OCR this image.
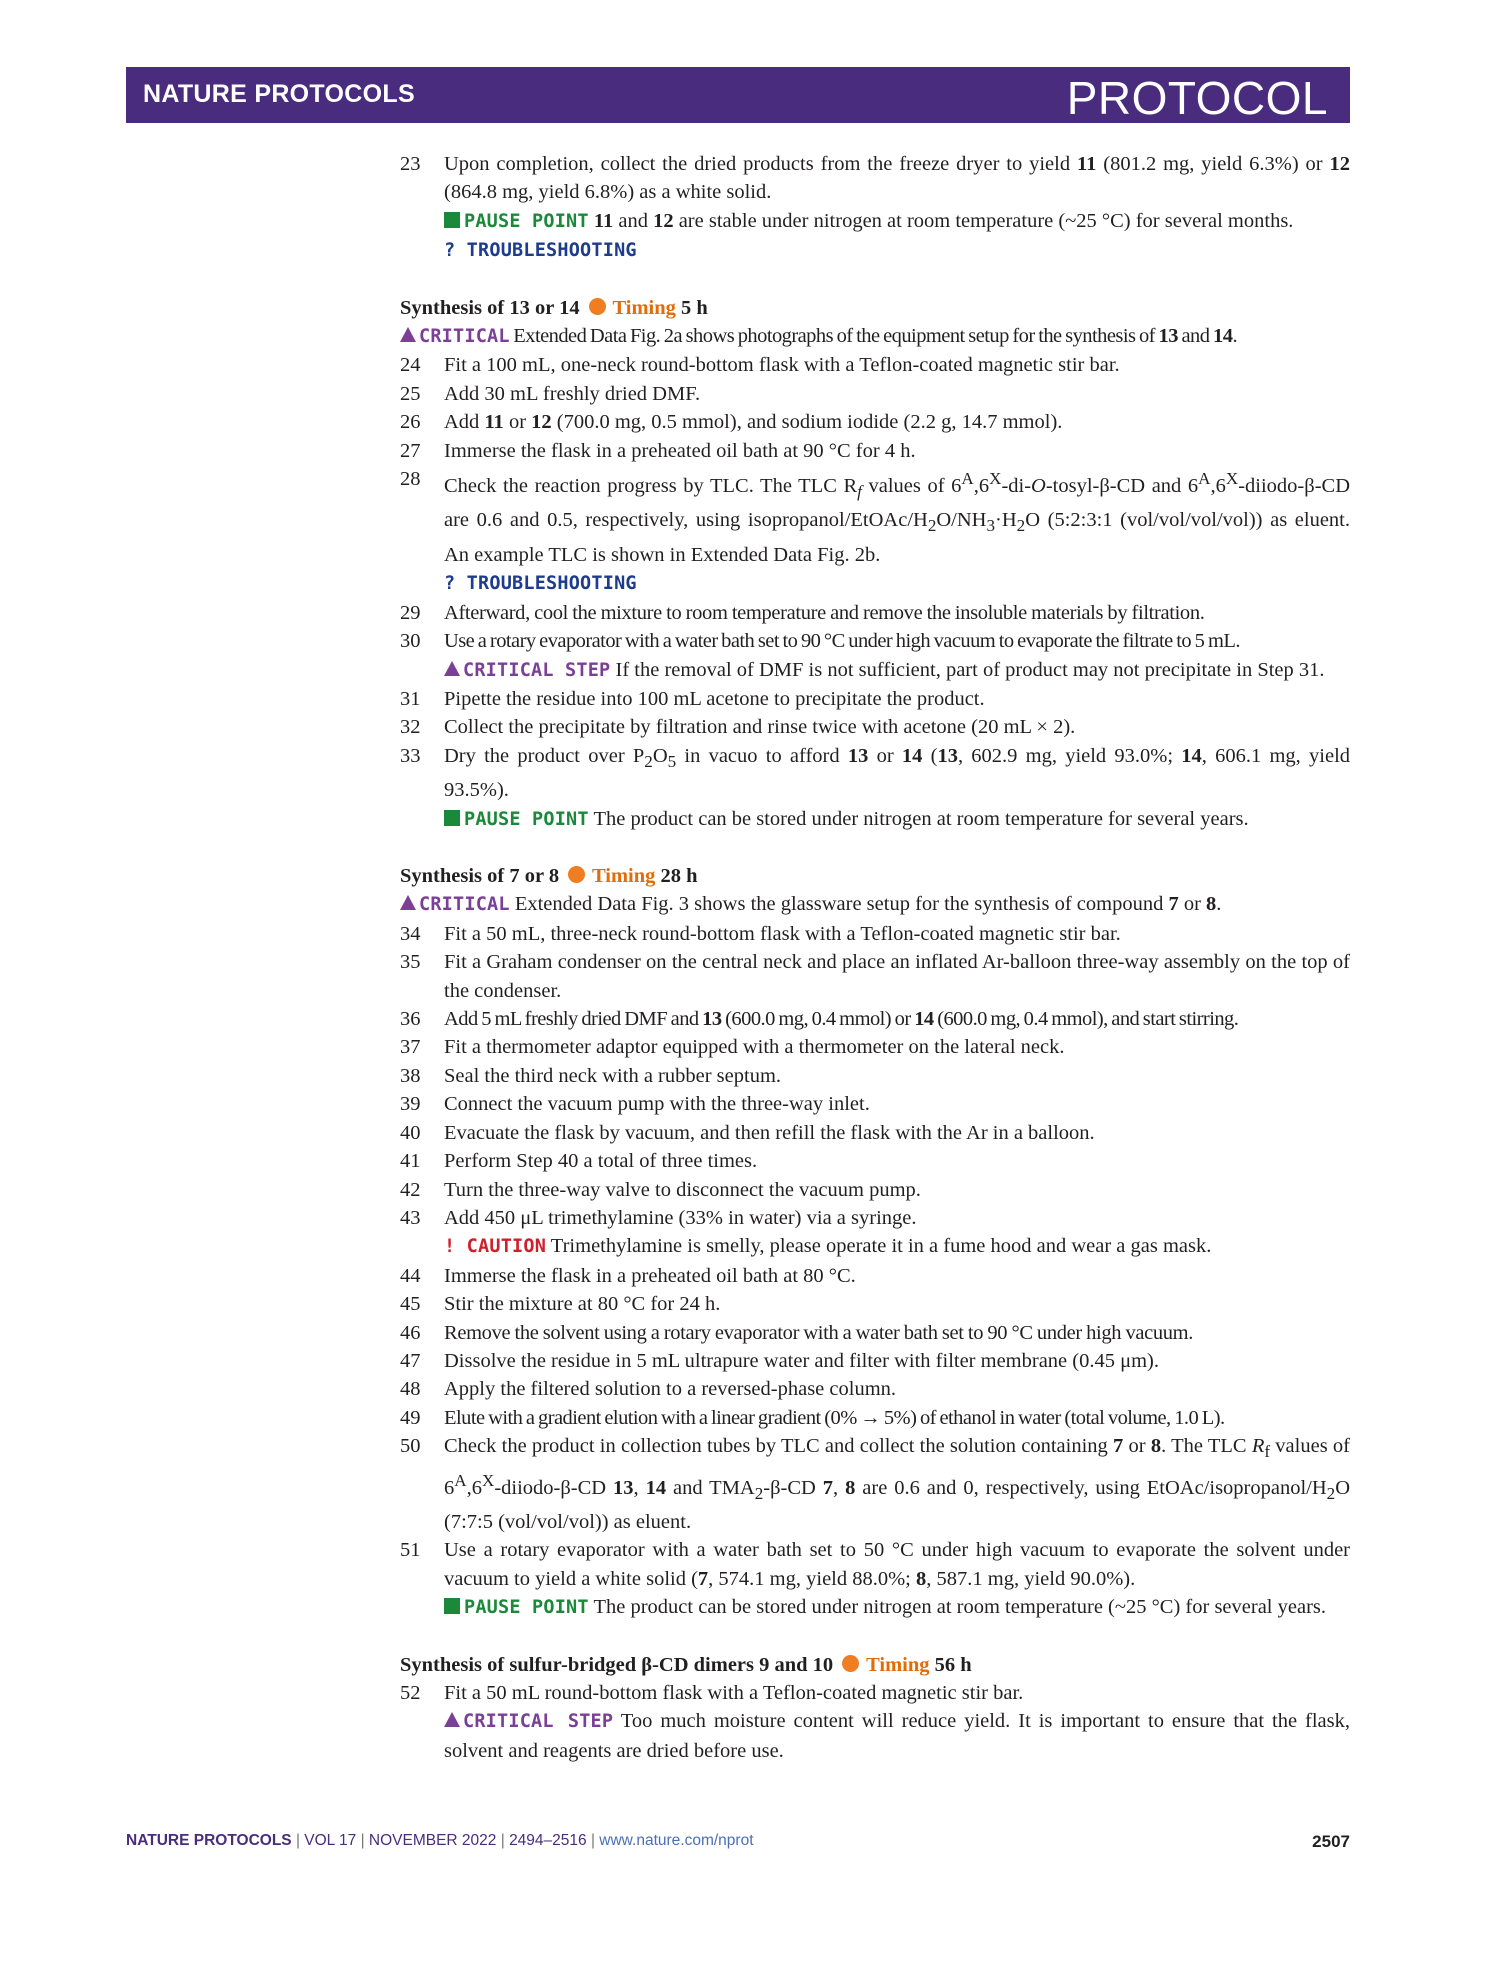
NATURE PROTOCOLS	PROTOCOL
23	Upon completion, collect the dried products from the freeze dryer to yield 11 (801.2 mg, yield 6.3%) or 12 (864.8 mg, yield 6.8%) as a white solid.
PAUSE POINT 11 and 12 are stable under nitrogen at room temperature (~25 °C) for several months.
? TROUBLESHOOTING
Synthesis of 13 or 14 Timing 5 h
CRITICAL Extended Data Fig. 2a shows photographs of the equipment setup for the synthesis of 13 and 14.
24	Fit a 100 mL, one-neck round-bottom flask with a Teflon-coated magnetic stir bar.
25	Add 30 mL freshly dried DMF.
26	Add 11 or 12 (700.0 mg, 0.5 mmol), and sodium iodide (2.2 g, 14.7 mmol).
27	Immerse the flask in a preheated oil bath at 90 °C for 4 h.
28	Check the reaction progress by TLC. The TLC $R_f$ values of $6^A,6^X-di-O-tosyl-\beta-CD$ and $6^A,6^X-diiodo-\beta-CD$ are 0.6 and 0.5, respectively, using isopropanol/$EtOAc/H_2O/NH_3\cdot H_2O$ (5:2:3:1 (vol/vol/vol/vol)) as eluent. An example TLC is shown in Extended Data Fig. 2b.
? TROUBLESHOOTING
29	Afterward, cool the mixture to room temperature and remove the insoluble materials by filtration.
30	Use a rotary evaporator with a water bath set to 90 °C under high vacuum to evaporate the filtrate to 5 mL.
CRITICAL STEP If the removal of DMF is not sufficient, part of product may not precipitate in Step 31.
31	Pipette the residue into 100 mL acetone to precipitate the product.
32	Collect the precipitate by filtration and rinse twice with acetone (20 mL × 2).
33	Dry the product over $P_2O_5$ in vacuo to afford 13 or 14 (13, 602.9 mg, yield 93.0%; 14, 606.1 mg, yield 93.5%).
PAUSE POINT The product can be stored under nitrogen at room temperature for several years.
Synthesis of 7 or 8 Timing 28 h
CRITICAL Extended Data Fig. 3 shows the glassware setup for the synthesis of compound 7 or 8.
34	Fit a 50 mL, three-neck round-bottom flask with a Teflon-coated magnetic stir bar.
35	Fit a Graham condenser on the central neck and place an inflated Ar-balloon three-way assembly on the top of the condenser.
36	Add 5 mL freshly dried DMF and 13 (600.0 mg, 0.4 mmol) or 14 (600.0 mg, 0.4 mmol), and start stirring.
37	Fit a thermometer adaptor equipped with a thermometer on the lateral neck.
38	Seal the third neck with a rubber septum.
39	Connect the vacuum pump with the three-way inlet.
40	Evacuate the flask by vacuum, and then refill the flask with the Ar in a balloon.
41	Perform Step 40 a total of three times.
42	Turn the three-way valve to disconnect the vacuum pump.
43	Add 450 μL trimethylamine (33% in water) via a syringe.
! CAUTION Trimethylamine is smelly, please operate it in a fume hood and wear a gas mask.
44	Immerse the flask in a preheated oil bath at 80 °C.
45	Stir the mixture at 80 °C for 24 h.
46	Remove the solvent using a rotary evaporator with a water bath set to 90 °C under high vacuum.
47	Dissolve the residue in 5 mL ultrapure water and filter with filter membrane (0.45 μm).
48	Apply the filtered solution to a reversed-phase column.
49	Elute with a gradient elution with a linear gradient (0% → 5%) of ethanol in water (total volume, 1.0 L).
50	Check the product in collection tubes by TLC and collect the solution containing 7 or 8. The TLC $R_f$ values of $6^A,6^X-diiodo-\beta-CD$ 13, 14 and $TMA_2-\beta-CD$ 7, 8 are 0.6 and 0, respectively, using EtOAc/$isopropanol/H_2O$ (7:7:5 (vol/vol/vol)) as eluent.
51	Use a rotary evaporator with a water bath set to 50 °C under high vacuum to evaporate the solvent under vacuum to yield a white solid (7, 574.1 mg, yield 88.0%; 8, 587.1 mg, yield 90.0%).
PAUSE POINT The product can be stored under nitrogen at room temperature (~25 °C) for several years.
Synthesis of sulfur-bridged β-CD dimers 9 and 10 Timing 56 h
52	Fit a 50 mL round-bottom flask with a Teflon-coated magnetic stir bar.
CRITICAL STEP Too much moisture content will reduce yield. It is important to ensure that the flask, solvent and reagents are dried before use.
NATURE PROTOCOLS | VOL 17 | NOVEMBER 2022 | 2494–2516 | www.nature.com/nprot	2507
